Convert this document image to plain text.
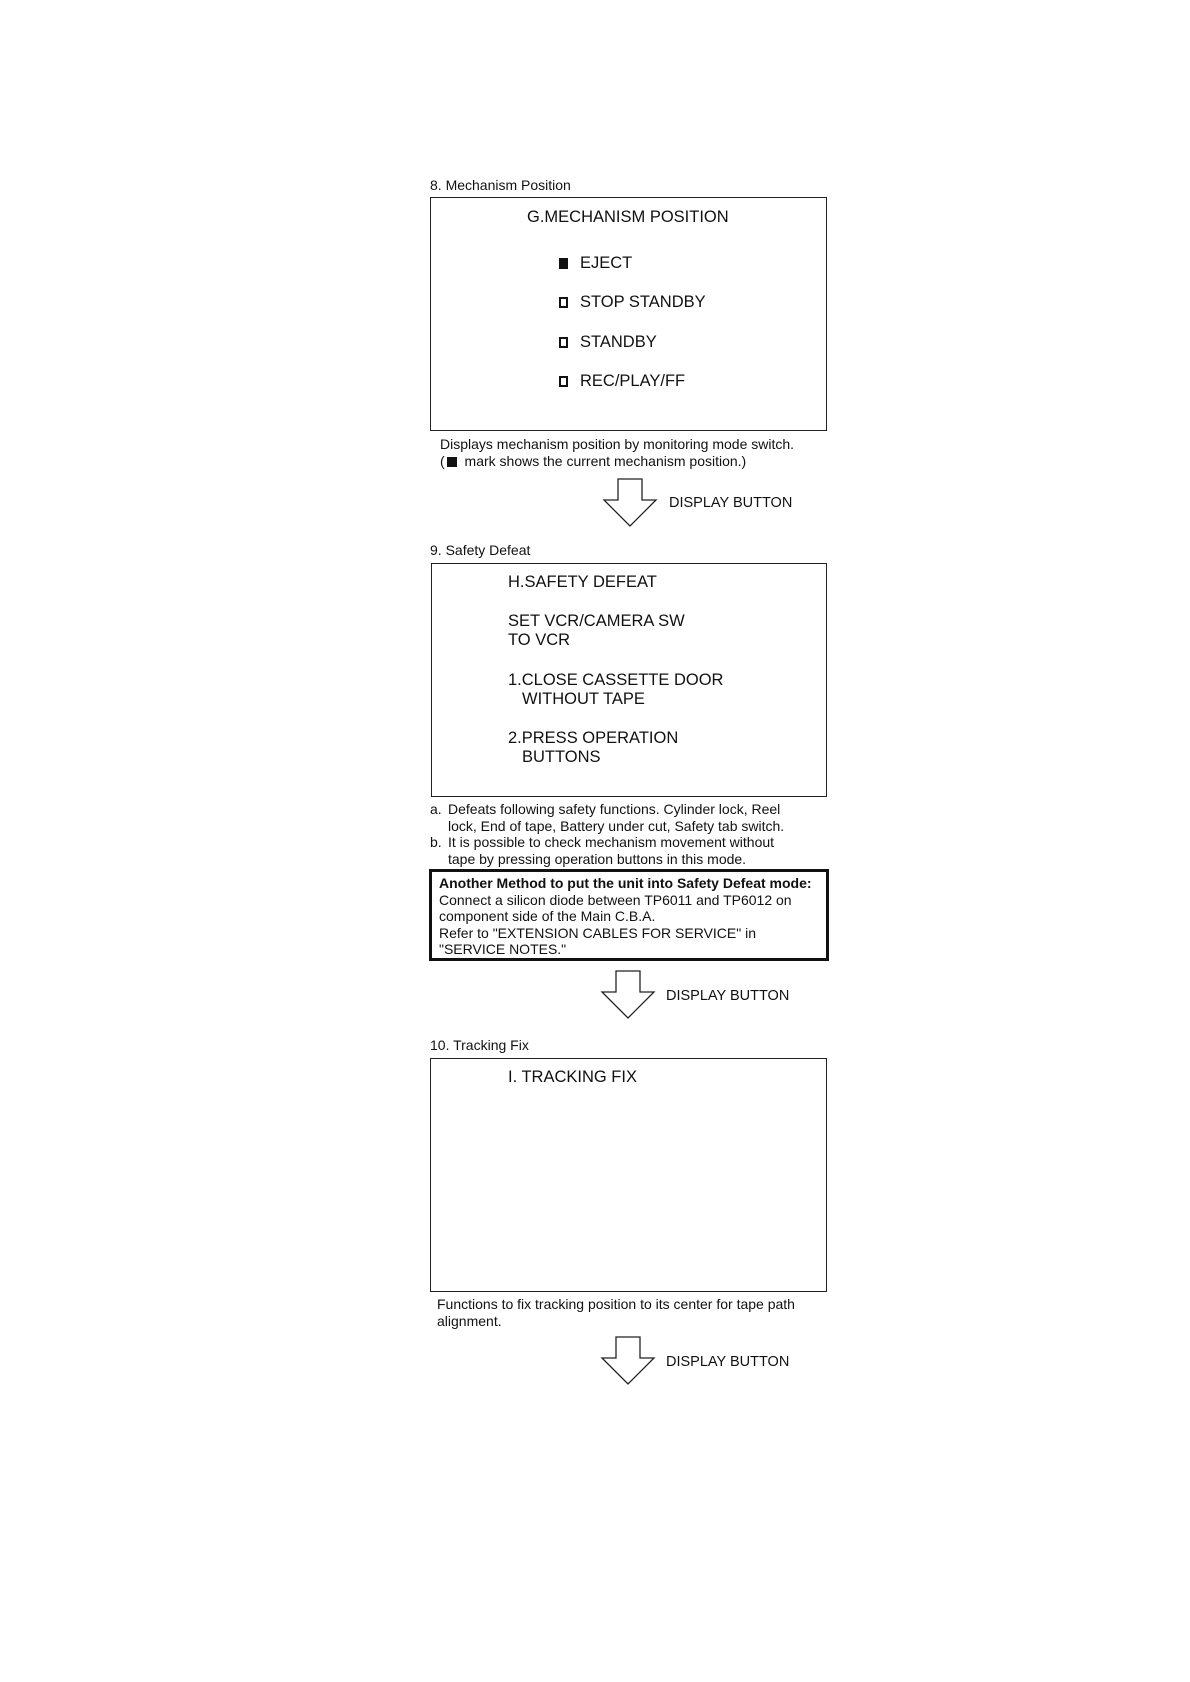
8. Mechanism Position
G.MECHANISM POSITION
EJECT
STOP STANDBY
STANDBY
REC/PLAY/FF
Displays mechanism position by monitoring mode switch.
( mark shows the current mechanism position.)
DISPLAY BUTTON
9. Safety Defeat
H.SAFETY DEFEAT
SET VCR/CAMERA SW
TO VCR
1.CLOSE CASSETTE DOOR
WITHOUT TAPE
2.PRESS OPERATION
BUTTONS
a. Defeats following safety functions. Cylinder lock, Reel lock, End of tape, Battery under cut, Safety tab switch.
b. It is possible to check mechanism movement without tape by pressing operation buttons in this mode.
Another Method to put the unit into Safety Defeat mode:
Connect a silicon diode between TP6011 and TP6012 on
component side of the Main C.B.A.
Refer to "EXTENSION CABLES FOR SERVICE" in
"SERVICE NOTES."
DISPLAY BUTTON
10. Tracking Fix
I. TRACKING FIX
Functions to fix tracking position to its center for tape path
alignment.
DISPLAY BUTTON
